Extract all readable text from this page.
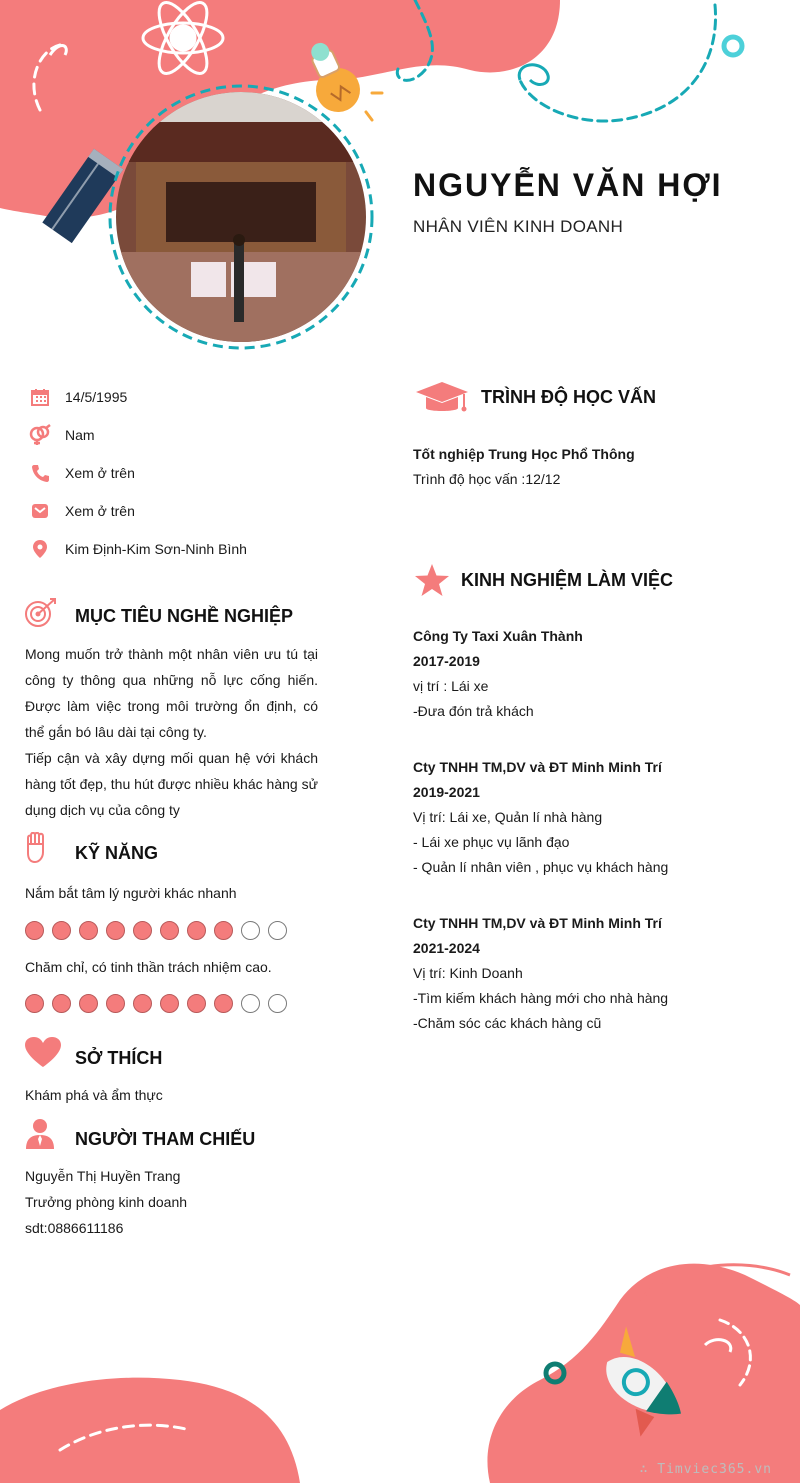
NGUYỄN VĂN HỢI
NHÂN VIÊN KINH DOANH
14/5/1995
Nam
Xem ở trên
Xem ở trên
Kim Định-Kim Sơn-Ninh Bình
MỤC TIÊU NGHỀ NGHIỆP

Mong muốn trở thành một nhân viên ưu tú tại công ty thông qua những nỗ lực cống hiến. Được làm việc trong môi trường ổn định, có thể gắn bó lâu dài tại công ty.

Tiếp cận và xây dựng mối quan hệ với khách hàng tốt đẹp, thu hút được nhiều khác hàng sử dụng dịch vụ của công ty

KỸ NĂNG
Nắm bắt tâm lý người khác nhanh
Chăm chỉ, có tinh thần trách nhiệm cao.
SỞ THÍCH
Khám phá và ẩm thực
NGƯỜI THAM CHIẾU
Nguyễn Thị Huyền Trang
Trưởng phòng kinh doanh
sdt:0886611186
TRÌNH ĐỘ HỌC VẤN
Tốt nghiệp Trung Học Phổ Thông
Trình độ học vấn :12/12
KINH NGHIỆM LÀM VIỆC
Công Ty Taxi Xuân Thành
2017-2019
vị trí : Lái xe
-Đưa đón trả khách
Cty TNHH TM,DV và ĐT Minh Minh Trí
2019-2021
Vị trí: Lái xe, Quản lí nhà hàng
- Lái xe phục vụ lãnh đạo
- Quản lí nhân viên , phục vụ khách hàng
Cty TNHH TM,DV và ĐT Minh Minh Trí
2021-2024
Vị trí: Kinh Doanh
-Tìm kiếm khách hàng mới cho nhà hàng
-Chăm sóc các khách hàng cũ
∴ Timviec365.vn
